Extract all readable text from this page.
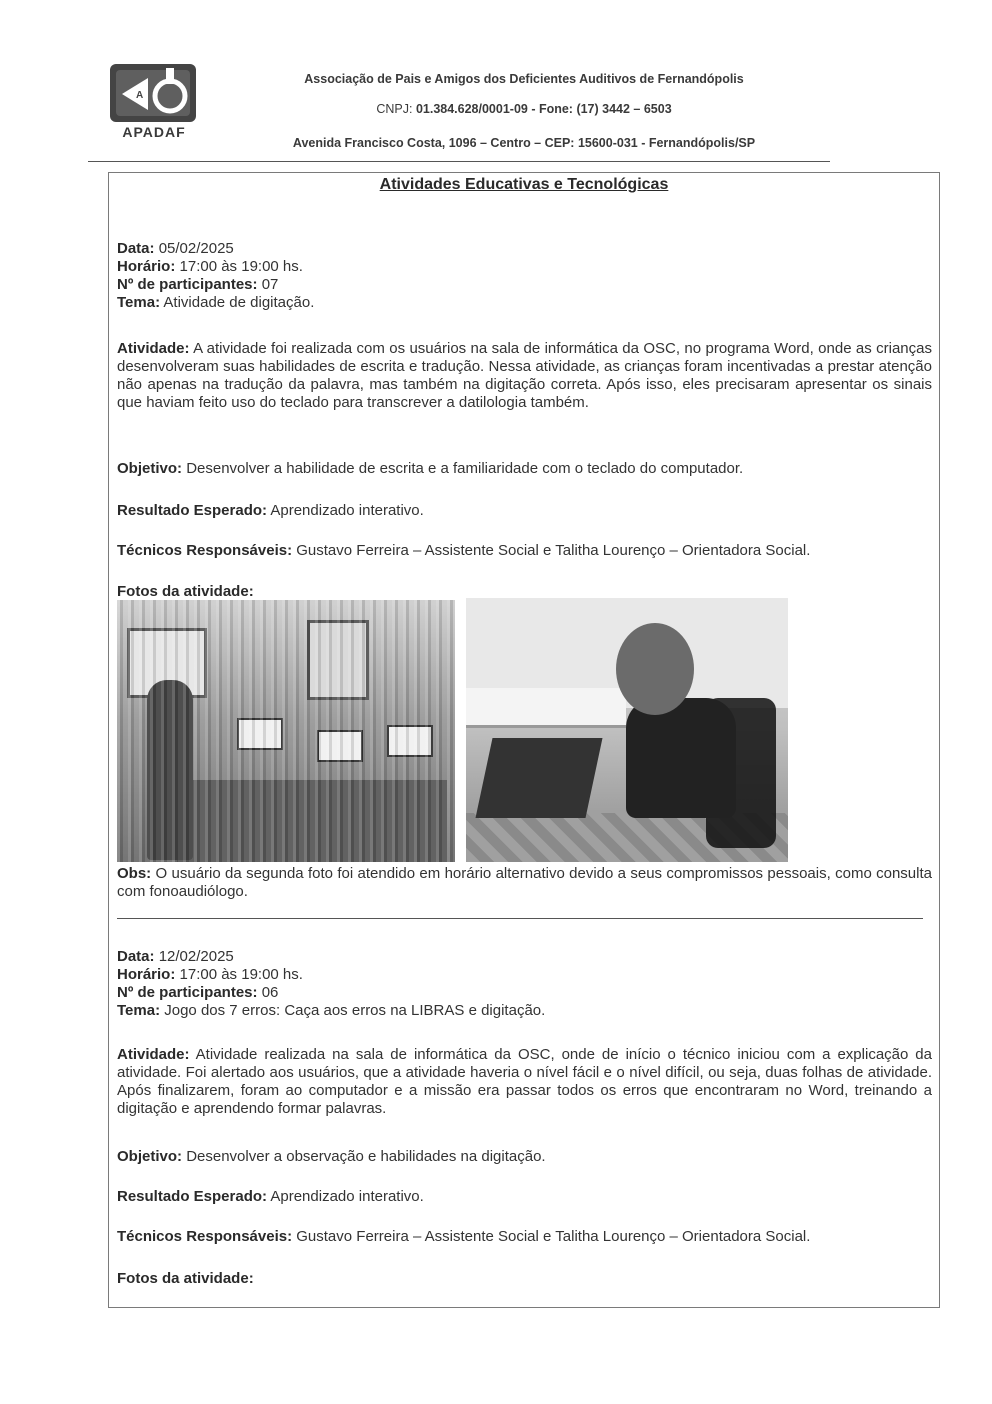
A
APADAF
Associação de Pais e Amigos dos Deficientes Auditivos de Fernandópolis
CNPJ: 01.384.628/0001-09 - Fone: (17) 3442 – 6503
Avenida Francisco Costa, 1096 – Centro – CEP: 15600-031 - Fernandópolis/SP
Atividades Educativas e Tecnológicas
Data: 05/02/2025
Horário: 17:00 às 19:00 hs.
Nº de participantes: 07
Tema: Atividade de digitação.
Atividade: A atividade foi realizada com os usuários na sala de informática da OSC, no programa Word, onde as crianças desenvolveram suas habilidades de escrita e tradução. Nessa atividade, as crianças foram incentivadas a prestar atenção não apenas na tradução da palavra, mas também na digitação correta. Após isso, eles precisaram apresentar os sinais que haviam feito uso do teclado para transcrever a datilologia também.
Objetivo: Desenvolver a habilidade de escrita e a familiaridade com o teclado do computador.
Resultado Esperado: Aprendizado interativo.
Técnicos Responsáveis: Gustavo Ferreira – Assistente Social e Talitha Lourenço – Orientadora Social.
Fotos da atividade:
Obs: O usuário da segunda foto foi atendido em horário alternativo devido a seus compromissos pessoais, como consulta com fonoaudiólogo.
Data: 12/02/2025
Horário: 17:00 às 19:00 hs.
Nº de participantes: 06
Tema: Jogo dos 7 erros: Caça aos erros na LIBRAS e digitação.
Atividade: Atividade realizada na sala de informática da OSC, onde de início o técnico iniciou com a explicação da atividade. Foi alertado aos usuários, que a atividade haveria o nível fácil e o nível difícil, ou seja, duas folhas de atividade. Após finalizarem, foram ao computador e a missão era passar todos os erros que encontraram no Word, treinando a digitação e aprendendo formar palavras.
Objetivo: Desenvolver a observação e habilidades na digitação.
Resultado Esperado: Aprendizado interativo.
Técnicos Responsáveis: Gustavo Ferreira – Assistente Social e Talitha Lourenço – Orientadora Social.
Fotos da atividade:
